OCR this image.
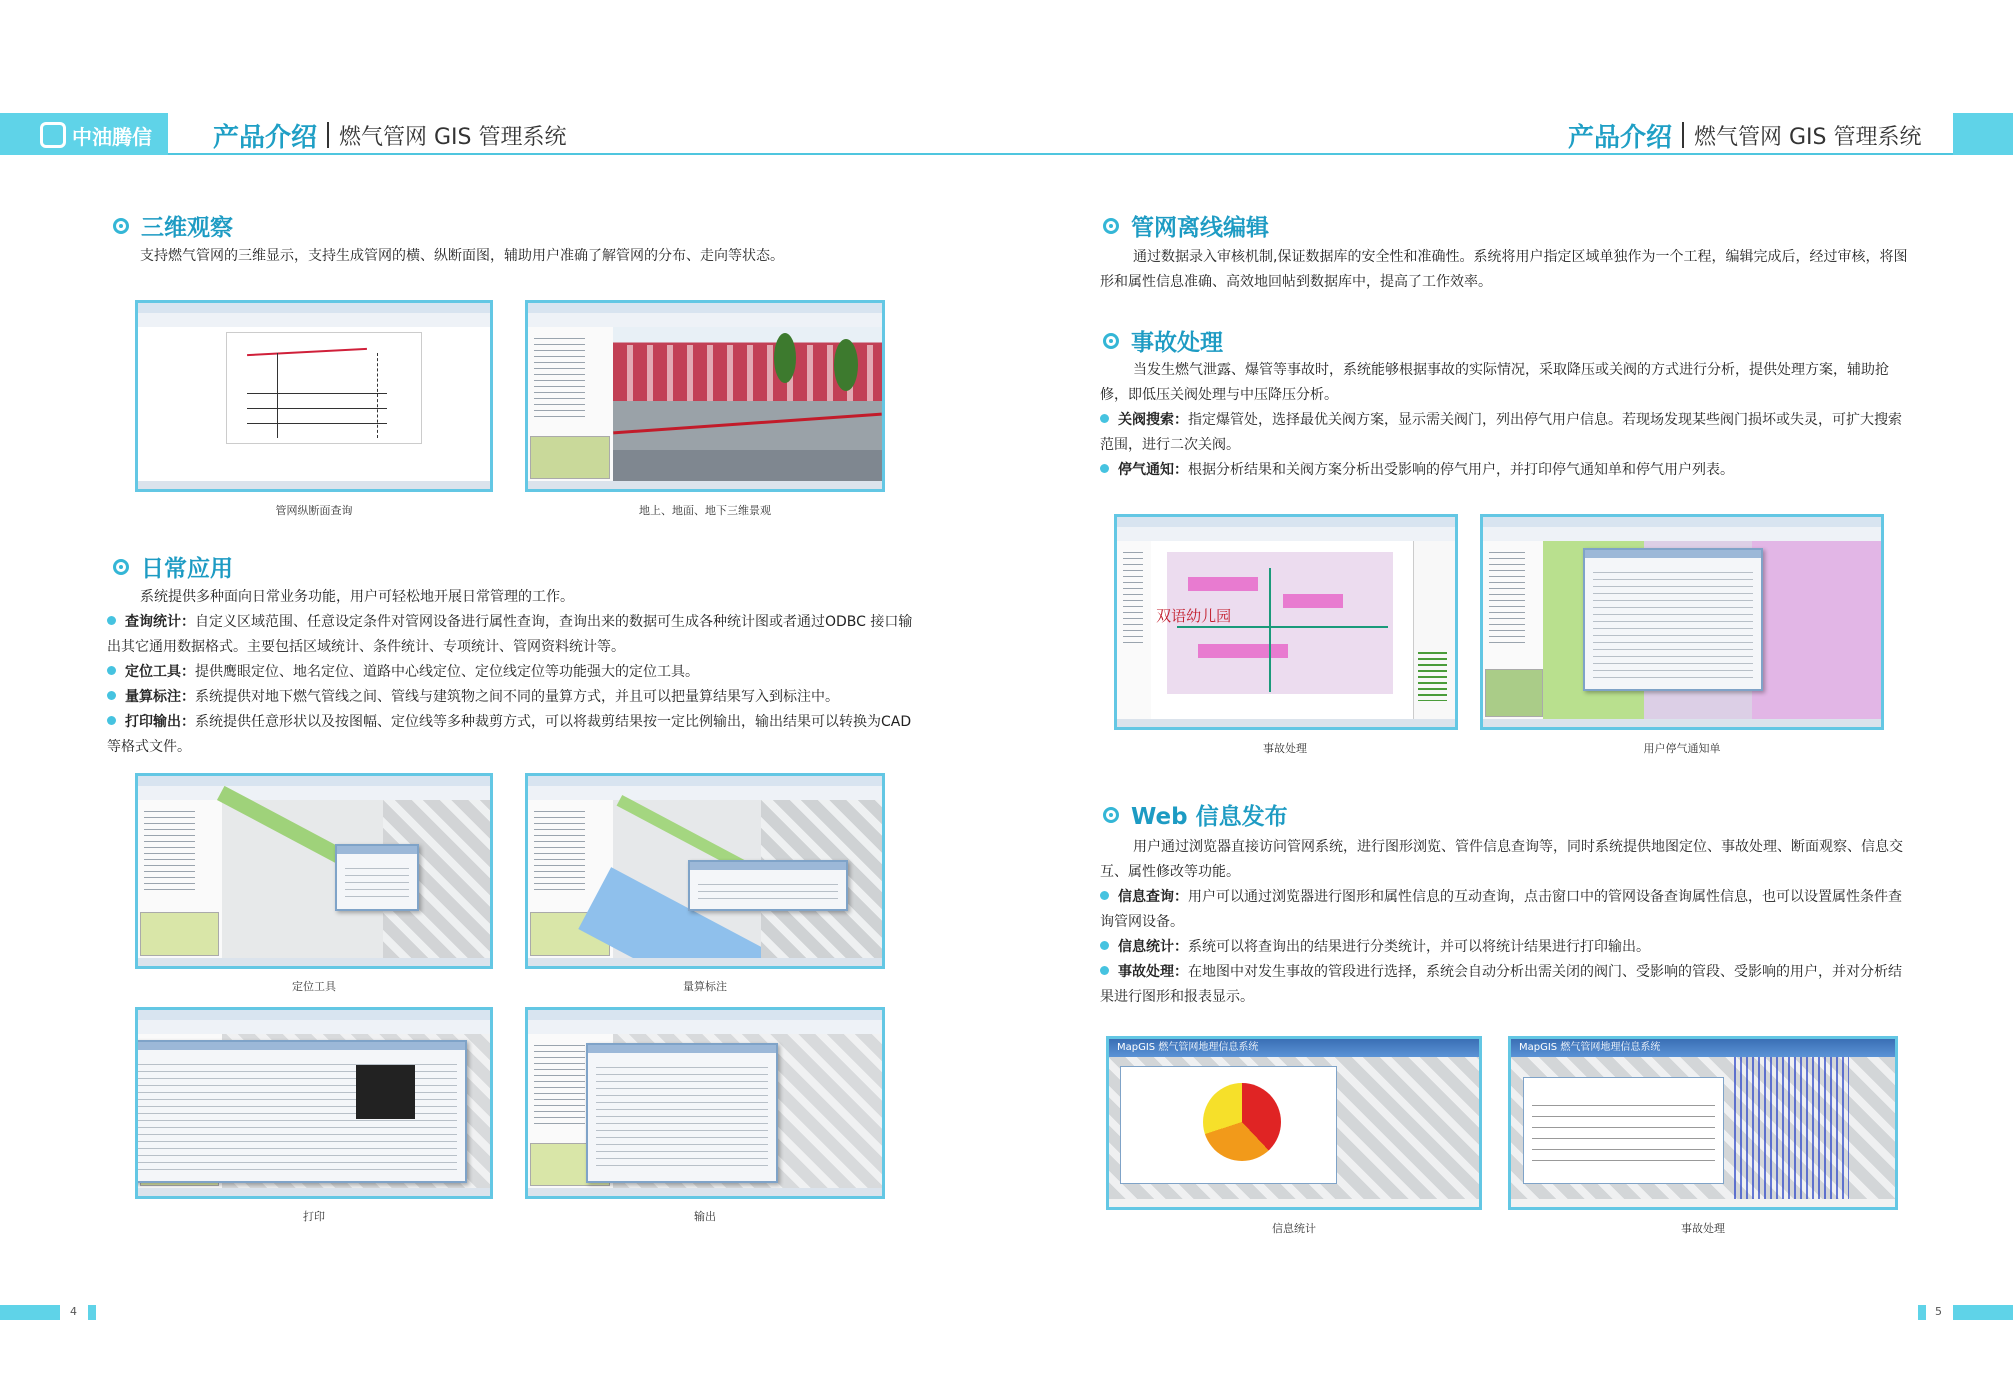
中油腾信 产品介绍 燃气管网 GIS 管理系统	产品介绍 燃气管网 GIS 管理系统
三维观察

支持燃气管网的三维显示，支持生成管网的横、纵断面图，辅助用户准确了解管网的分布、走向等状态。

管网纵断面查询	地上、地面、地下三维景观
日常应用

系统提供多种面向日常业务功能，用户可轻松地开展日常管理的工作。

查询统计：自定义区域范围、任意设定条件对管网设备进行属性查询，查询出来的数据可生成各种统计图或者通过ODBC 接口输出其它通用数据格式。主要包括区域统计、条件统计、专项统计、管网资料统计等。

定位工具：提供鹰眼定位、地名定位、道路中心线定位、定位线定位等功能强大的定位工具。

量算标注：系统提供对地下燃气管线之间、管线与建筑物之间不同的量算方式，并且可以把量算结果写入到标注中。

打印输出：系统提供任意形状以及按图幅、定位线等多种裁剪方式，可以将裁剪结果按一定比例输出，输出结果可以转换为CAD 等格式文件。

定位工具	量算标注
打印	输出
4
管网离线编辑

通过数据录入审核机制,保证数据库的安全性和准确性。系统将用户指定区域单独作为一个工程，编辑完成后，经过审核，将图形和属性信息准确、高效地回帖到数据库中，提高了工作效率。

事故处理

当发生燃气泄露、爆管等事故时，系统能够根据事故的实际情况，采取降压或关阀的方式进行分析，提供处理方案，辅助抢修，即低压关阀处理与中压降压分析。

关阀搜索：指定爆管处，选择最优关阀方案，显示需关阀门，列出停气用户信息。若现场发现某些阀门损坏或失灵，可扩大搜索范围，进行二次关阀。

停气通知：根据分析结果和关阀方案分析出受影响的停气用户，并打印停气通知单和停气用户列表。

双语幼儿园
事故处理	用户停气通知单
Web 信息发布

用户通过浏览器直接访问管网系统，进行图形浏览、管件信息查询等，同时系统提供地图定位、事故处理、断面观察、信息交互、属性修改等功能。

信息查询：用户可以通过浏览器进行图形和属性信息的互动查询，点击窗口中的管网设备查询属性信息，也可以设置属性条件查询管网设备。

信息统计：系统可以将查询出的结果进行分类统计，并可以将统计结果进行打印输出。

事故处理：在地图中对发生事故的管段进行选择，系统会自动分析出需关闭的阀门、受影响的管段、受影响的用户，并对分析结果进行图形和报表显示。

MapGIS 燃气管网地理信息系统
信息统计
MapGIS 燃气管网地理信息系统
事故处理
5
